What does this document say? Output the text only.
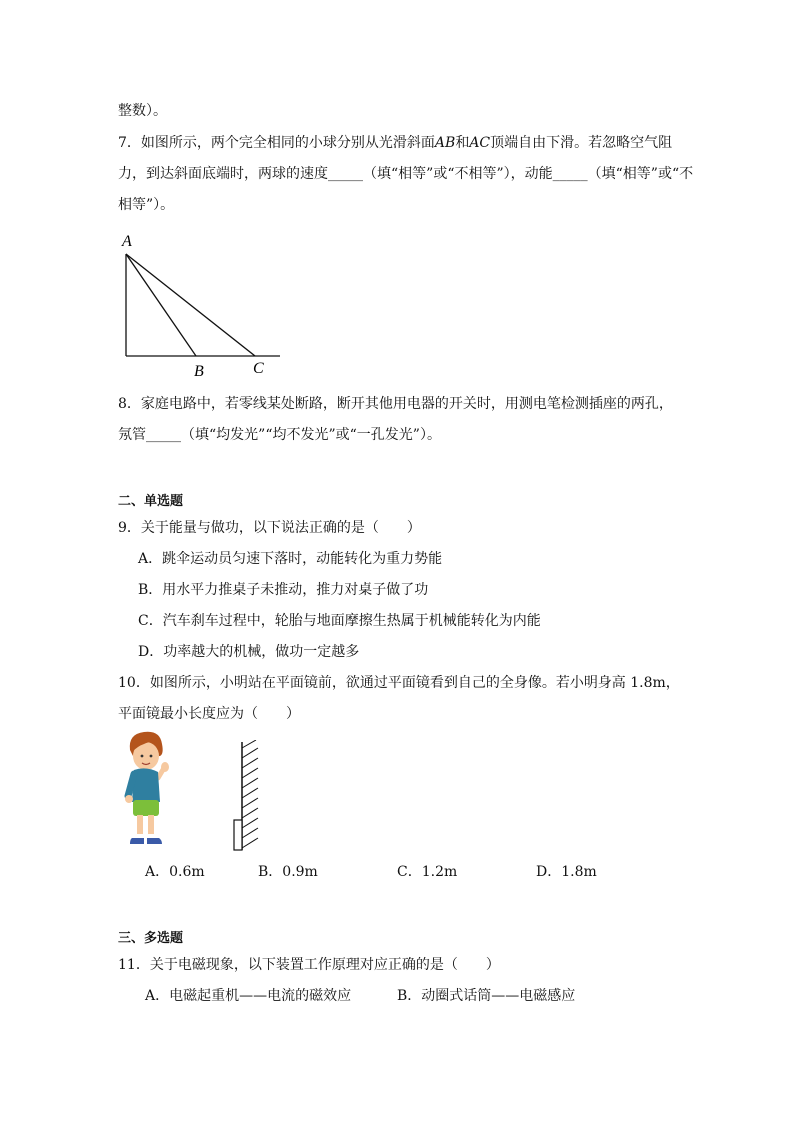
整数）。
7．如图所示，两个完全相同的小球分别从光滑斜面AB和AC顶端自由下滑。若忽略空气阻
力，到达斜面底端时，两球的速度_____（填“相等”或“不相等”），动能_____（填“相等”或“不
相等”）。
A
B	C
8．家庭电路中，若零线某处断路，断开其他用电器的开关时，用测电笔检测插座的两孔，
氖管_____（填“均发光”“均不发光”或“一孔发光”）。
二、单选题
9．关于能量与做功，以下说法正确的是（　　）
A．跳伞运动员匀速下落时，动能转化为重力势能
B．用水平力推桌子未推动，推力对桌子做了功
C．汽车刹车过程中，轮胎与地面摩擦生热属于机械能转化为内能
D．功率越大的机械，做功一定越多
10．如图所示，小明站在平面镜前，欲通过平面镜看到自己的全身像。若小明身高 1.8m，
平面镜最小长度应为（　　）
A．0.6m	B．0.9m	C．1.2m	D．1.8m
三、多选题
11．关于电磁现象，以下装置工作原理对应正确的是（　　）
A．电磁起重机——电流的磁效应	B．动圈式话筒——电磁感应
